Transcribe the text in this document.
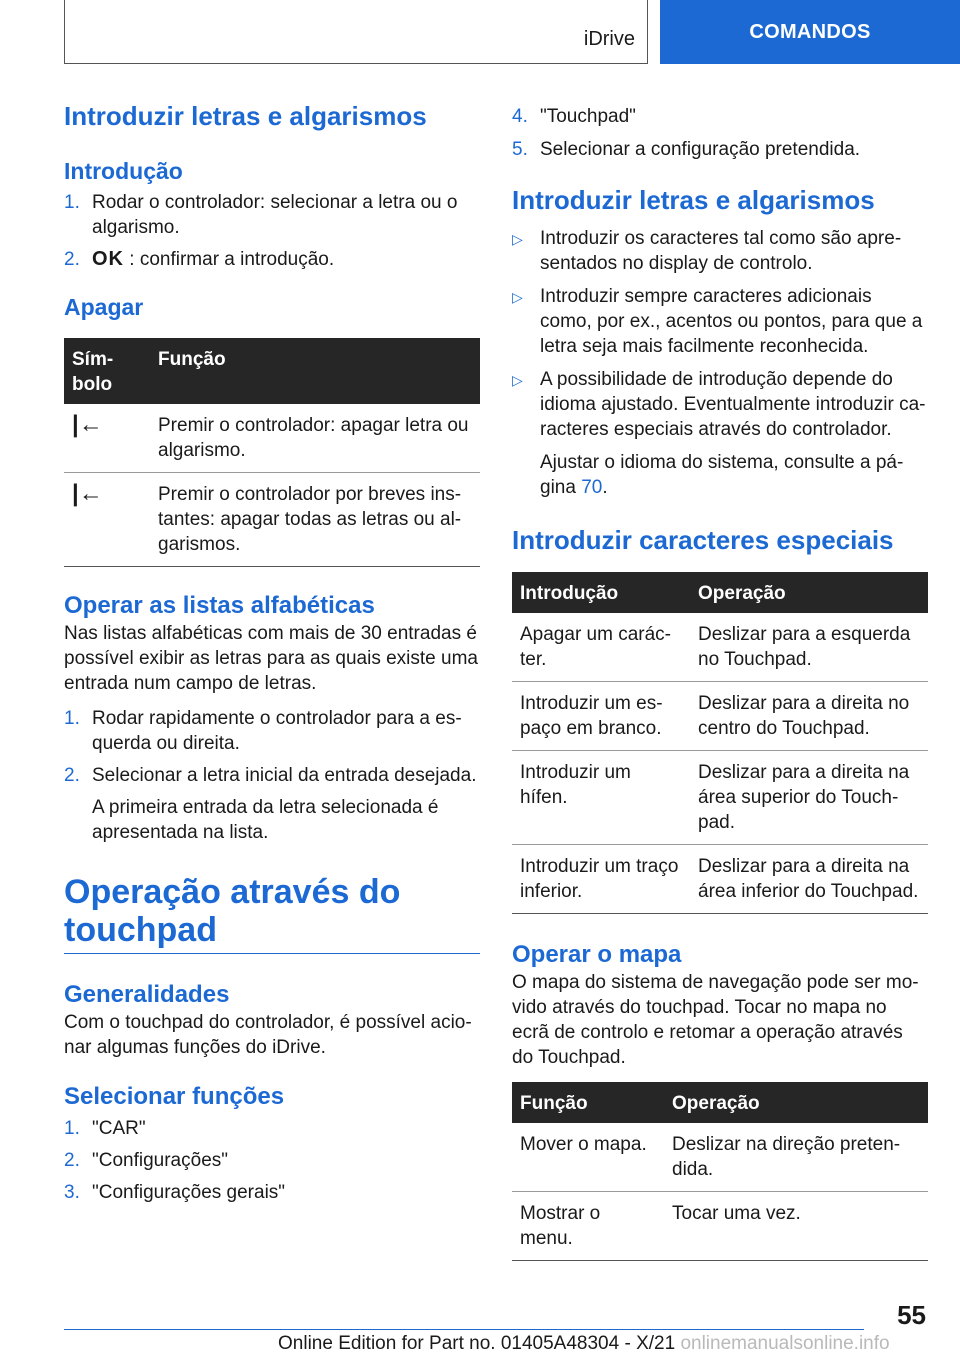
iDrive	COMANDOS
Introduzir letras e algarismos
Introdução
1. Rodar o controlador: selecionar a letra ou o algarismo.
2. OK : confirmar a introdução.
Apagar
Sím-
bolo	Função
|←	Premir o controlador: apagar letra ou algarismo.
|←	Premir o controlador por breves ins-tantes: apagar todas as letras ou al-garismos.
Operar as listas alfabéticas

Nas listas alfabéticas com mais de 30 entradas é possível exibir as letras para as quais existe uma entrada num campo de letras.

1. Rodar rapidamente o controlador para a es-querda ou direita.
2. Selecionar a letra inicial da entrada desejada.
A primeira entrada da letra selecionada é apresentada na lista.
Operação através do
touchpad
Generalidades

Com o touchpad do controlador, é possível acio-nar algumas funções do iDrive.

Selecionar funções
1. "CAR"
2. "Configurações"
3. "Configurações gerais"
4. "Touchpad"
5. Selecionar a configuração pretendida.
Introduzir letras e algarismos
▷ Introduzir os caracteres tal como são apre-sentados no display de controlo.
▷ Introduzir sempre caracteres adicionais como, por ex., acentos ou pontos, para que a letra seja mais facilmente reconhecida.
▷ A possibilidade de introdução depende do idioma ajustado. Eventualmente introduzir ca-racteres especiais através do controlador.
Ajustar o idioma do sistema, consulte a pá-gina 70.
Introduzir caracteres especiais
Introdução	Operação
Apagar um carác-ter.	Deslizar para a esquerda no Touchpad.
Introduzir um es-paço em branco.	Deslizar para a direita no centro do Touchpad.
Introduzir um hífen.	Deslizar para a direita na área superior do Touch-pad.
Introduzir um traço inferior.	Deslizar para a direita na área inferior do Touchpad.
Operar o mapa

O mapa do sistema de navegação pode ser mo-vido através do touchpad. Tocar no mapa no ecrã de controlo e retomar a operação através do Touchpad.

Função	Operação
Mover o mapa.	Deslizar na direção preten-dida.
Mostrar o menu.	Tocar uma vez.
55
Online Edition for Part no. 01405A48304 - X/21 onlinemanualsonline.info
